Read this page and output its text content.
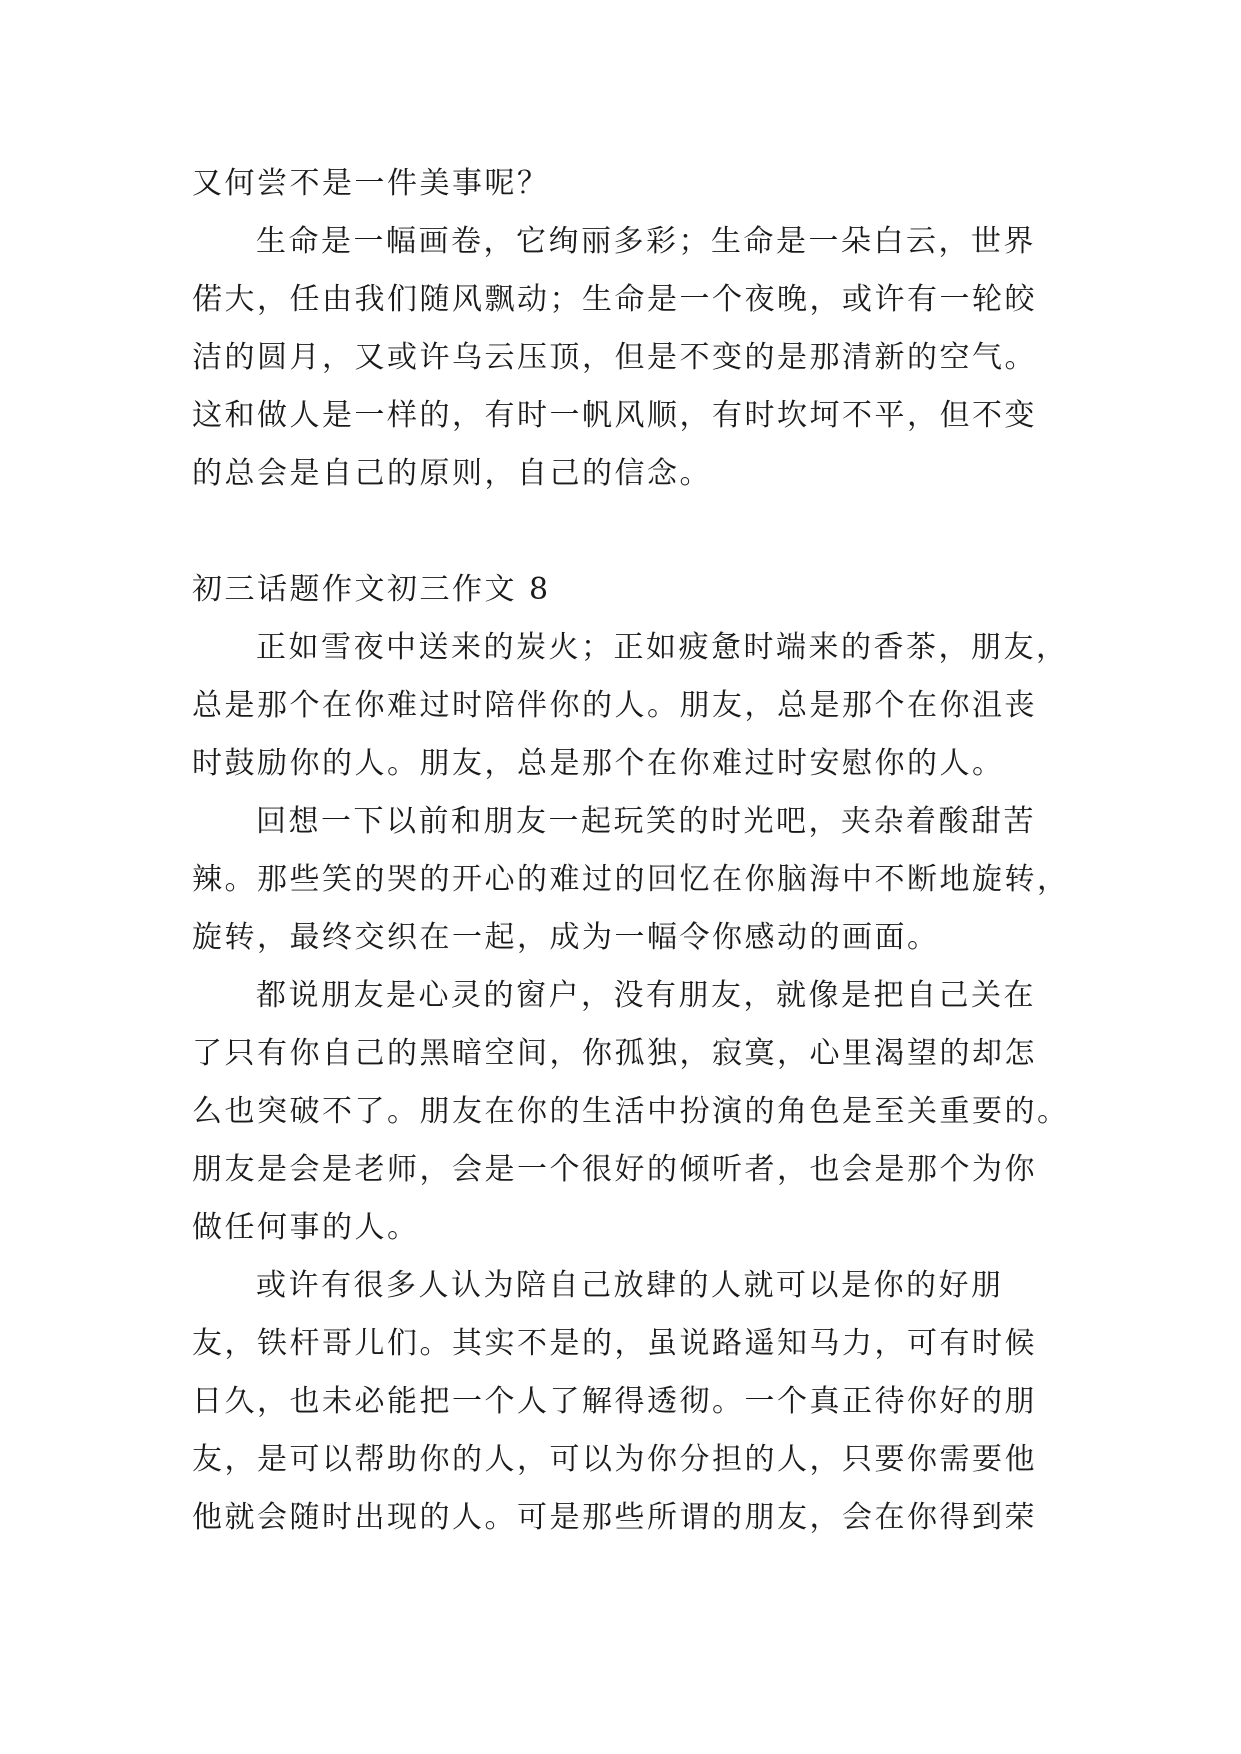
又何尝不是一件美事呢？
生命是一幅画卷，它绚丽多彩；生命是一朵白云，世界
偌大，任由我们随风飘动；生命是一个夜晚，或许有一轮皎
洁的圆月，又或许乌云压顶，但是不变的是那清新的空气。
这和做人是一样的，有时一帆风顺，有时坎坷不平，但不变
的总会是自己的原则，自己的信念。
初三话题作文初三作文 8
正如雪夜中送来的炭火；正如疲惫时端来的香茶，朋友，
总是那个在你难过时陪伴你的人。朋友，总是那个在你沮丧
时鼓励你的人。朋友，总是那个在你难过时安慰你的人。
回想一下以前和朋友一起玩笑的时光吧，夹杂着酸甜苦
辣。那些笑的哭的开心的难过的回忆在你脑海中不断地旋转，
旋转，最终交织在一起，成为一幅令你感动的画面。
都说朋友是心灵的窗户，没有朋友，就像是把自己关在
了只有你自己的黑暗空间，你孤独，寂寞，心里渴望的却怎
么也突破不了。朋友在你的生活中扮演的角色是至关重要的。
朋友是会是老师，会是一个很好的倾听者，也会是那个为你
做任何事的人。
或许有很多人认为陪自己放肆的人就可以是你的好朋
友，铁杆哥儿们。其实不是的，虽说路遥知马力，可有时候
日久，也未必能把一个人了解得透彻。一个真正待你好的朋
友，是可以帮助你的人，可以为你分担的人，只要你需要他
他就会随时出现的人。可是那些所谓的朋友，会在你得到荣
